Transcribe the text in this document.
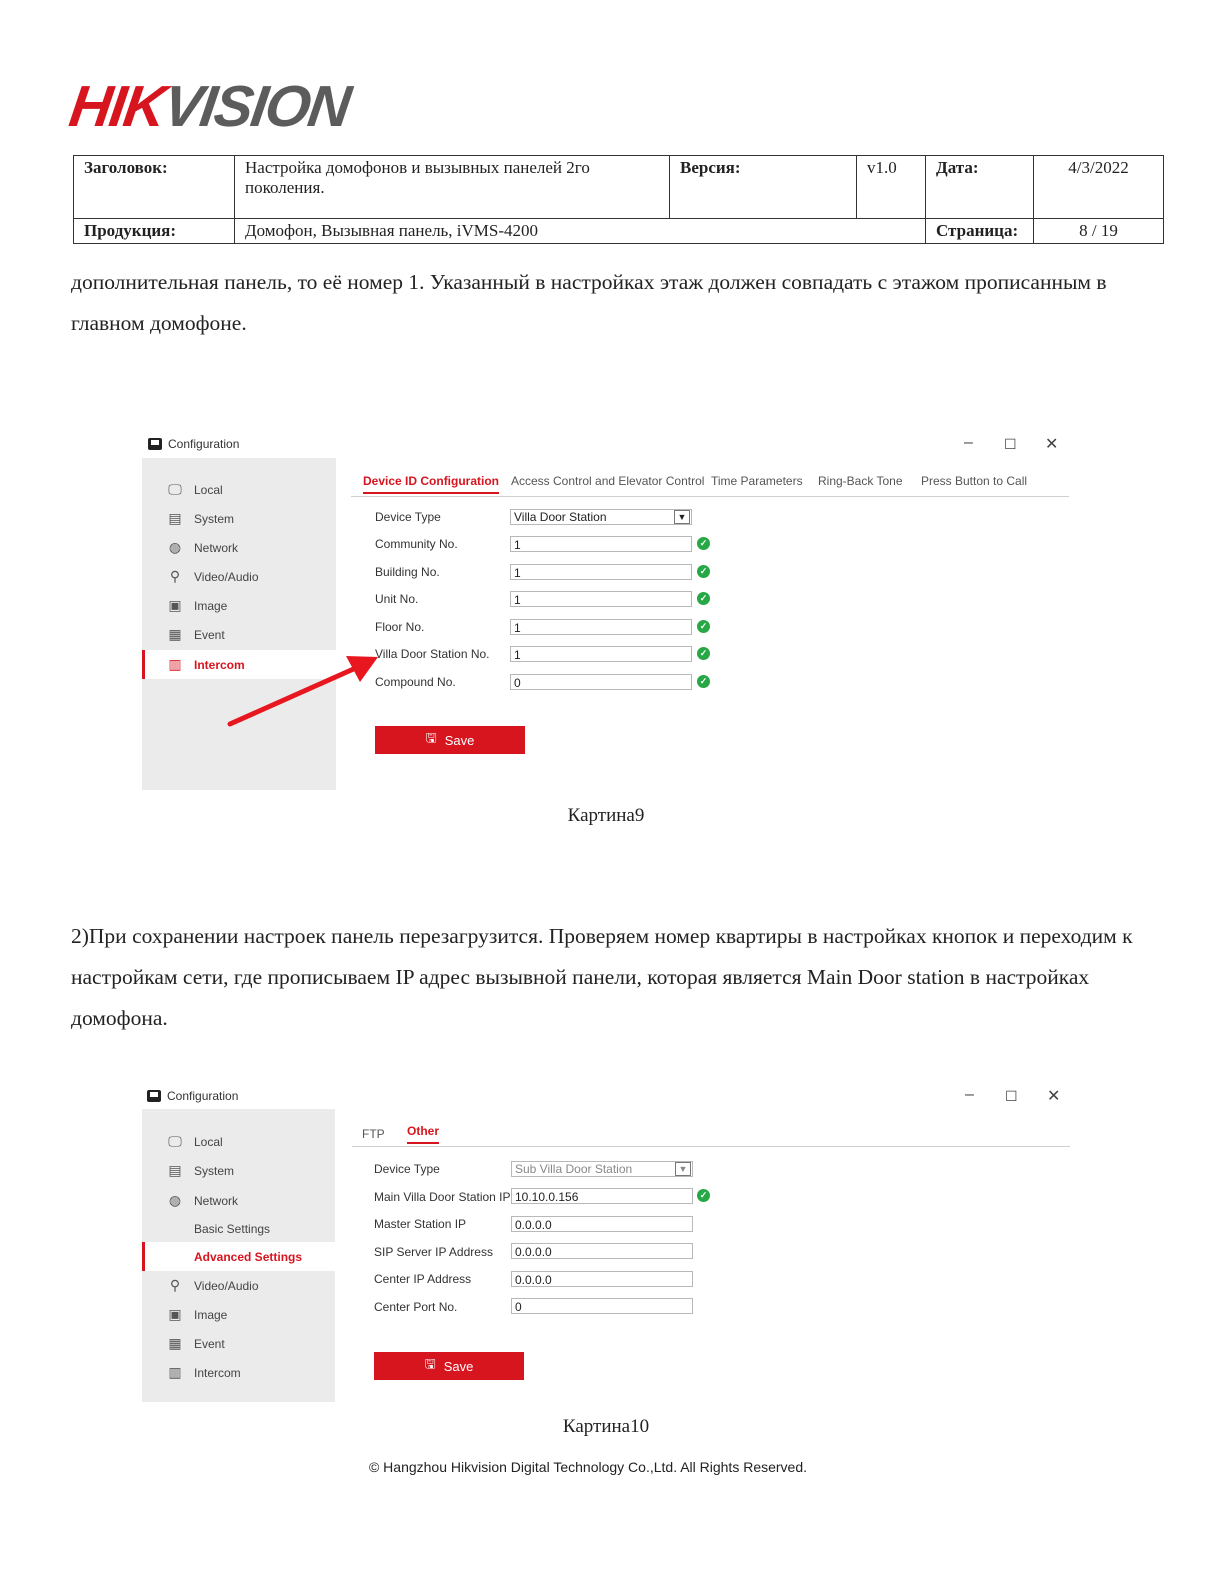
HIKVISION
Заголовок:	Настройка домофонов и вызывных панелей 2го поколения.	Версия:	v1.0	Дата:	4/3/2022
Продукция:	Домофон, Вызывная панель, iVMS-4200			Страница:	8 / 19
дополнительная панель, то её номер 1. Указанный в настройках этаж должен совпадать с этажом прописанным в главном домофоне.
Configuration	– ☐ ✕
🖵 Local
▤ System
◍ Network
⚲	Video/Audio
▣ Image
▦ Event
▥ Intercom
Device ID Configuration Access Control and Elevator Control Time Parameters Ring-Back Tone Press Button to Call
Device Type	Villa Door Station	▼
Community No.	1	✓
Building No.	1	✓
Unit No.	1	✓
Floor No.	1	✓
Villa Door Station No.	1	✓
Compound No.	0	✓
🖫 Save
Картина9
2)При сохранении настроек панель перезагрузится. Проверяем номер квартиры в настройках кнопок и переходим к настройкам сети, где прописываем IP адрес вызывной панели, которая является Main Door station в настройках домофона.
Configuration	– ☐ ✕
🖵 Local
▤ System
◍ Network
Basic Settings
Advanced Settings
⚲	Video/Audio
▣ Image
▦ Event
▥ Intercom
FTP Other
Device Type	Sub Villa Door Station	▼
Main Villa Door Station IP 10.10.0.156	✓
Master Station IP	0.0.0.0
SIP Server IP Address	0.0.0.0
Center IP Address	0.0.0.0
Center Port No.	0
🖫 Save
Картина10
© Hangzhou Hikvision Digital Technology Co.,Ltd. All Rights Reserved.
